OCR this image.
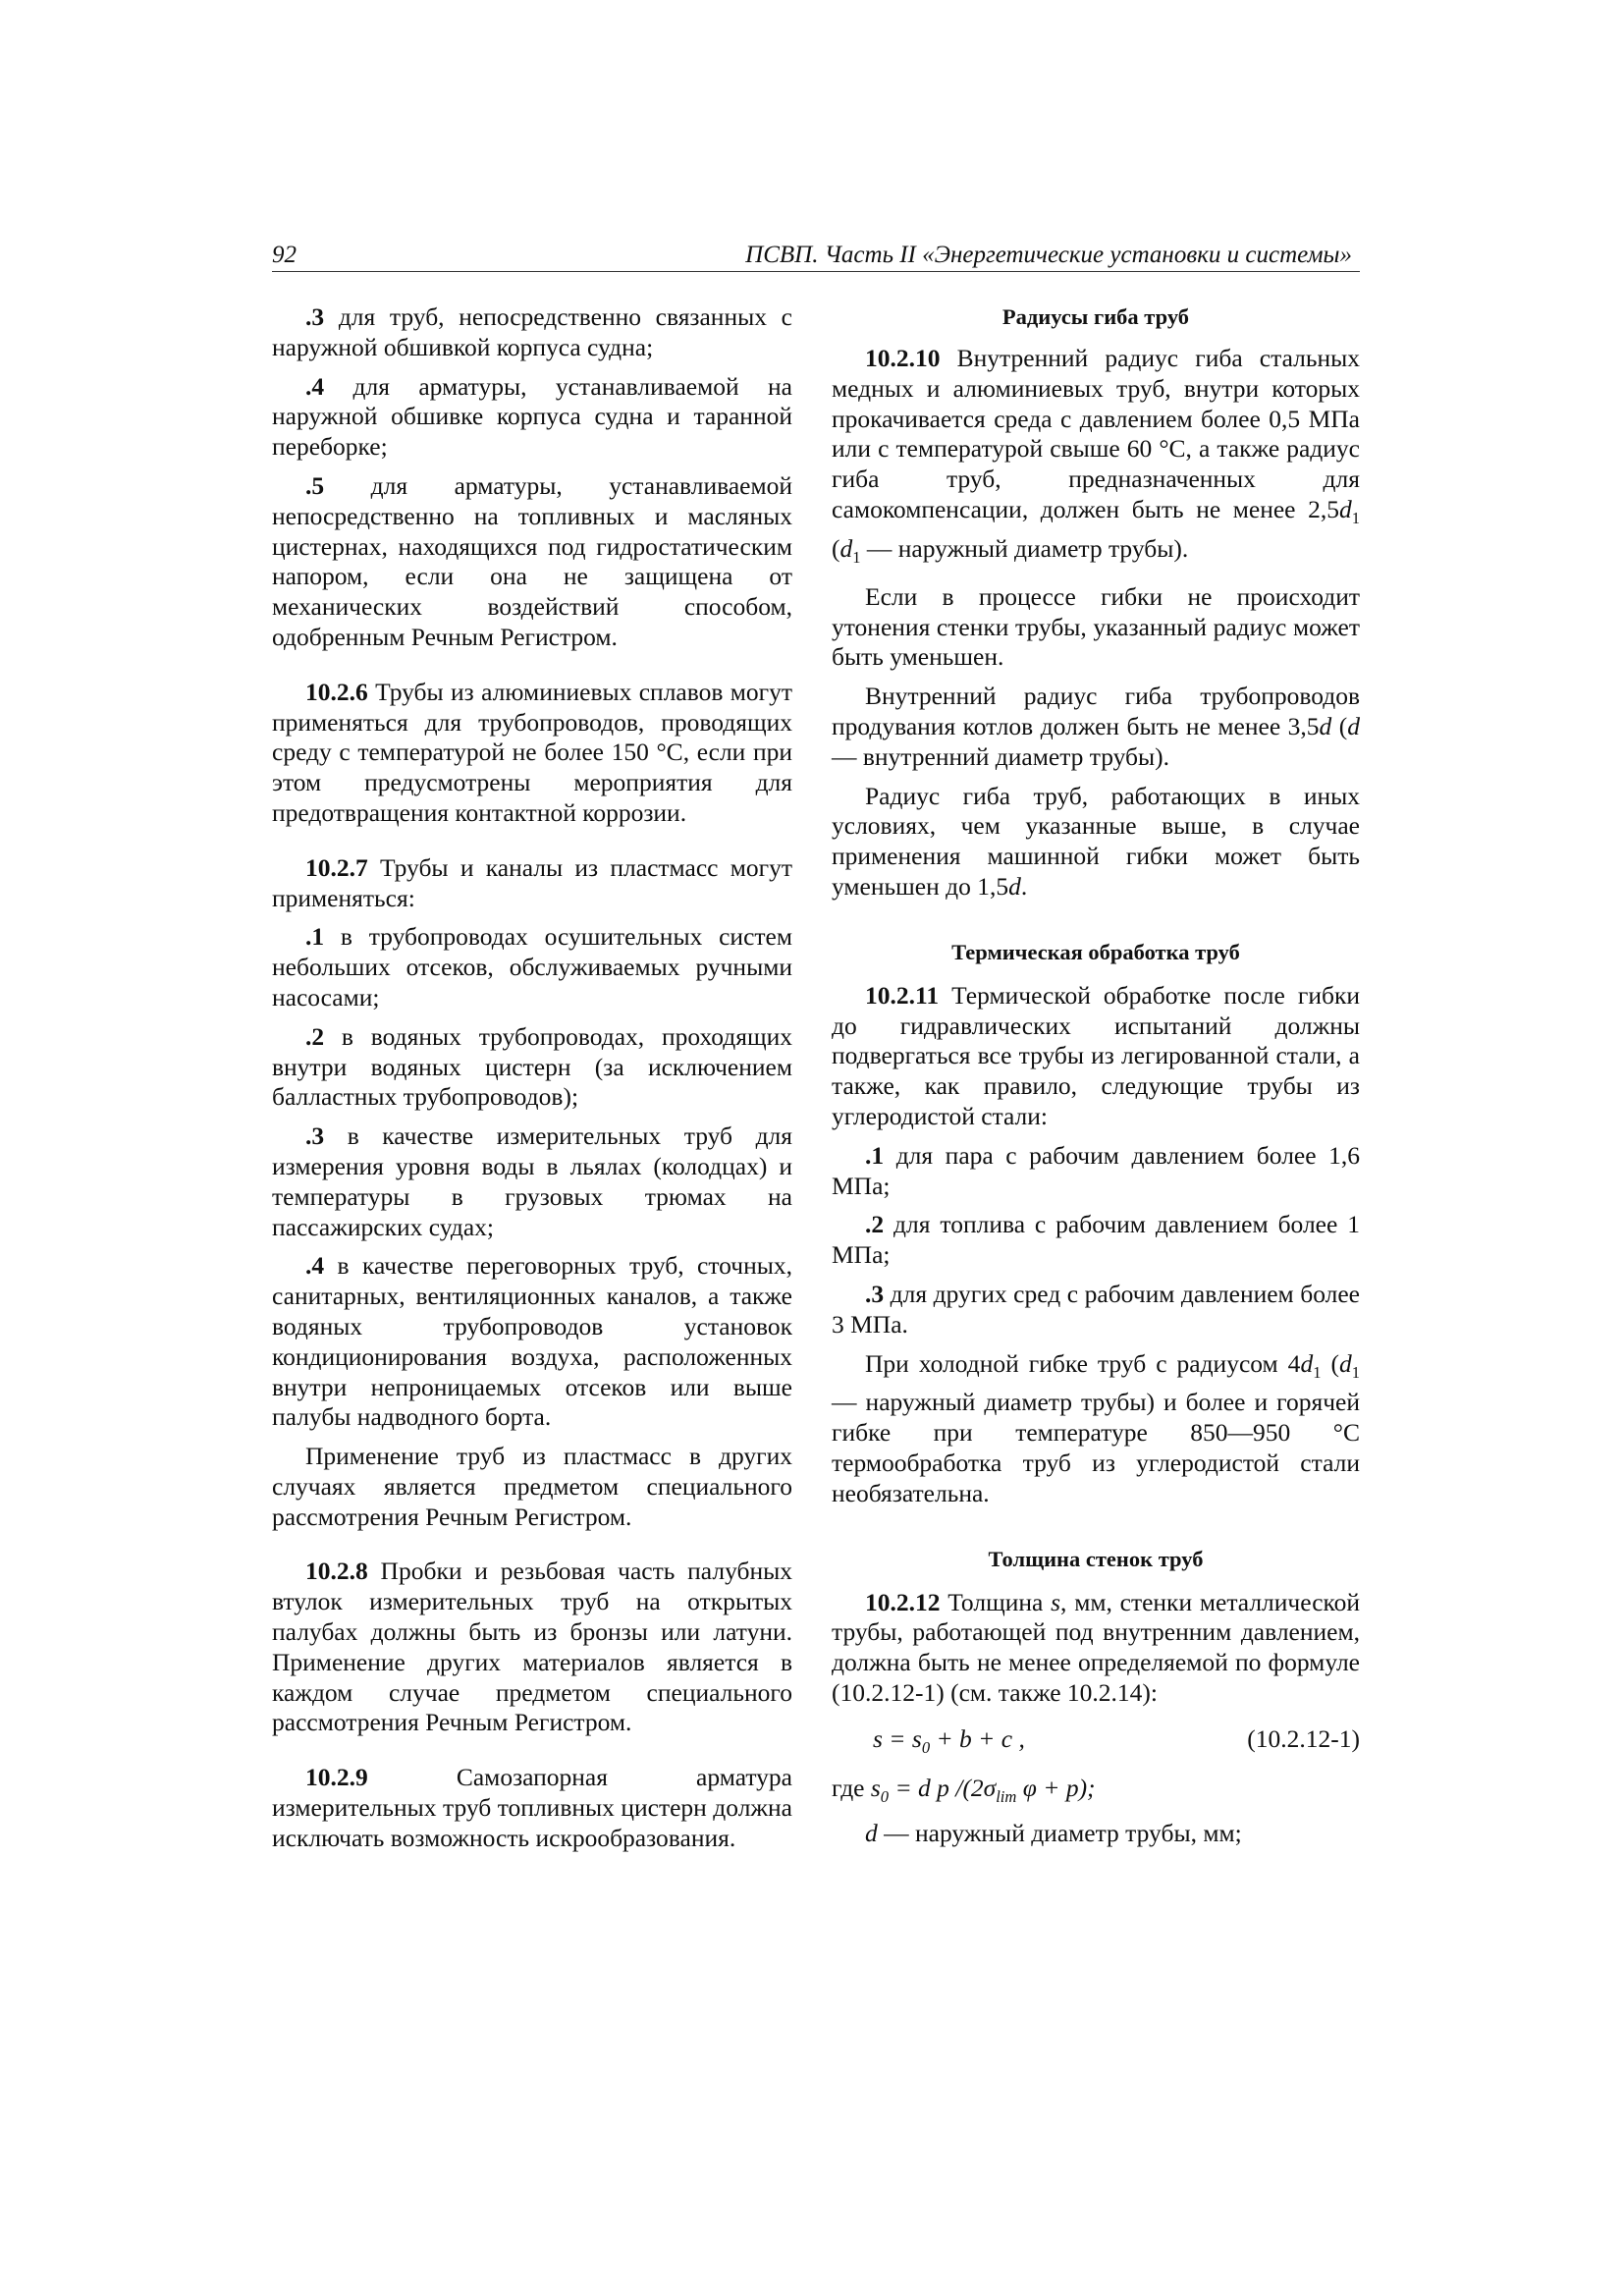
92	ПСВП. Часть II «Энергетические установки и системы»

.3 для труб, непосредственно связанных с наружной обшивкой корпуса судна;

.4 для арматуры, устанавливаемой на наружной обшивке корпуса судна и таранной переборке;

.5 для арматуры, устанавливаемой непосредственно на топливных и масляных цистернах, находящихся под гидростатическим напором, если она не защищена от механических воздействий способом, одобренным Речным Регистром.

10.2.6 Трубы из алюминиевых сплавов могут применяться для трубопроводов, проводящих среду с температурой не более 150 °С, если при этом предусмотрены мероприятия для предотвращения контактной коррозии.

10.2.7 Трубы и каналы из пластмасс могут применяться:

.1 в трубопроводах осушительных систем небольших отсеков, обслуживаемых ручными насосами;

.2 в водяных трубопроводах, проходящих внутри водяных цистерн (за исключением балластных трубопроводов);

.3 в качестве измерительных труб для измерения уровня воды в льялах (колодцах) и температуры в грузовых трюмах на пассажирских судах;

.4 в качестве переговорных труб, сточных, санитарных, вентиляционных каналов, а также водяных трубопроводов установок кондиционирования воздуха, расположенных внутри непроницаемых отсеков или выше палубы надводного борта.

Применение труб из пластмасс в других случаях является предметом специального рассмотрения Речным Регистром.

10.2.8 Пробки и резьбовая часть палубных втулок измерительных труб на открытых палубах должны быть из бронзы или латуни. Применение других материалов является в каждом случае предметом специального рассмотрения Речным Регистром.

10.2.9 Самозапорная арматура измерительных труб топливных цистерн должна исключать возможность искрообразования.

Радиусы гиба труб

10.2.10 Внутренний радиус гиба стальных медных и алюминиевых труб, внутри которых прокачивается среда с давлением более 0,5 МПа или с температурой свыше 60 °С, а также радиус гиба труб, предназначенных для самокомпенсации, должен быть не менее $2,5d_1$ ($d_1$ — наружный диаметр трубы).

Если в процессе гибки не происходит утонения стенки трубы, указанный радиус может быть уменьшен.

Внутренний радиус гиба трубопроводов продувания котлов должен быть не менее 3,5d (d — внутренний диаметр трубы).

Радиус гиба труб, работающих в иных условиях, чем указанные выше, в случае применения машинной гибки может быть уменьшен до 1,5d.

Термическая обработка труб

10.2.11 Термической обработке после гибки до гидравлических испытаний должны подвергаться все трубы из легированной стали, а также, как правило, следующие трубы из углеродистой стали:

.1 для пара с рабочим давлением более 1,6 МПа;

.2 для топлива с рабочим давлением более 1 МПа;

.3 для других сред с рабочим давлением более 3 МПа.

При холодной гибке труб с радиусом $4d_1$ ($d_1$ — наружный диаметр трубы) и более и горячей гибке при температуре 850—950 °С термообработка труб из углеродистой стали необязательна.

Толщина стенок труб

10.2.12 Толщина s, мм, стенки металлической трубы, работающей под внутренним давлением, должна быть не менее определяемой по формуле (10.2.12-1) (см. также 10.2.14):

$s = s_0 + b + c$ ,	(10.2.12-1)

где $s_0 = d$ p $/(2\sigma_{lim}$ φ + p);

d — наружный диаметр трубы, мм;
